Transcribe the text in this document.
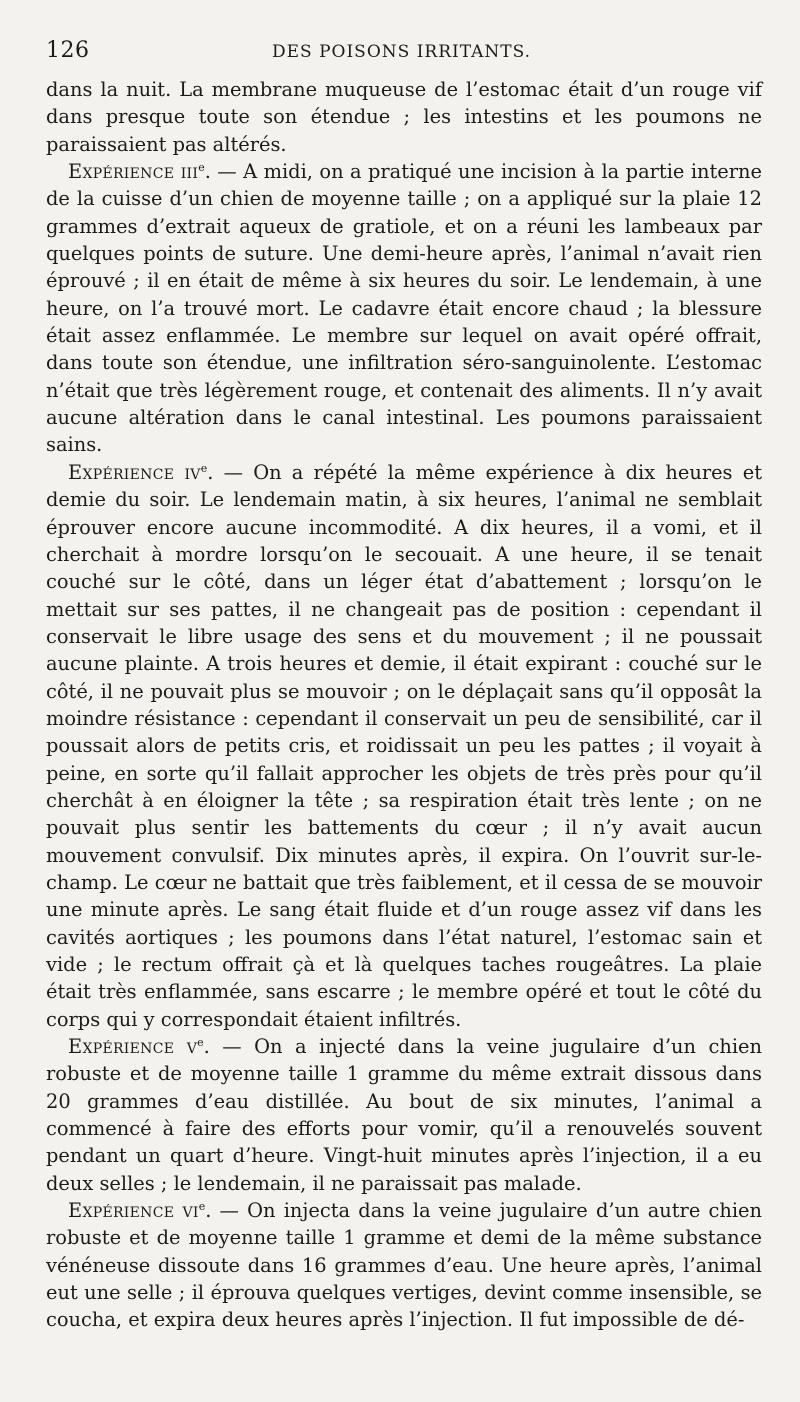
126	DES POISONS IRRITANTS.

dans la nuit. La membrane muqueuse de l’estomac était d’un rouge vif dans presque toute son étendue ; les intestins et les poumons ne paraissaient pas altérés.

Expérience iii$^e$. — A midi, on a pratiqué une incision à la partie interne de la cuisse d’un chien de moyenne taille ; on a appliqué sur la plaie 12 grammes d’extrait aqueux de gratiole, et on a réuni les lambeaux par quelques points de suture. Une demi-heure après, l’animal n’avait rien éprouvé ; il en était de même à six heures du soir. Le lendemain, à une heure, on l’a trouvé mort. Le cadavre était encore chaud ; la blessure était assez enflammée. Le membre sur lequel on avait opéré offrait, dans toute son étendue, une infiltration séro-sanguinolente. L’estomac n’était que très légèrement rouge, et contenait des aliments. Il n’y avait aucune altération dans le canal intestinal. Les poumons paraissaient sains.

Expérience $iv^e$. — On a répété la même expérience à dix heures et demie du soir. Le lendemain matin, à six heures, l’animal ne semblait éprouver encore aucune incommodité. A dix heures, il a vomi, et il cherchait à mordre lorsqu’on le secouait. A une heure, il se tenait couché sur le côté, dans un léger état d’abattement ; lorsqu’on le mettait sur ses pattes, il ne changeait pas de position : cependant il conservait le libre usage des sens et du mouvement ; il ne poussait aucune plainte. A trois heures et demie, il était expirant : couché sur le côté, il ne pouvait plus se mouvoir ; on le déplaçait sans qu’il opposât la moindre résistance : cependant il conservait un peu de sensibilité, car il poussait alors de petits cris, et roidissait un peu les pattes ; il voyait à peine, en sorte qu’il fallait approcher les objets de très près pour qu’il cherchât à en éloigner la tête ; sa respiration était très lente ; on ne pouvait plus sentir les battements du cœur ; il n’y avait aucun mouvement convulsif. Dix minutes après, il expira. On l’ouvrit sur-le-champ. Le cœur ne battait que très faiblement, et il cessa de se mouvoir une minute après. Le sang était fluide et d’un rouge assez vif dans les cavités aortiques ; les poumons dans l’état naturel, l’estomac sain et vide ; le rectum offrait çà et là quelques taches rougeâtres. La plaie était très enflammée, sans escarre ; le membre opéré et tout le côté du corps qui y correspondait étaient infiltrés.

Expérience $v^e$. — On a injecté dans la veine jugulaire d’un chien robuste et de moyenne taille 1 gramme du même extrait dissous dans 20 grammes d’eau distillée. Au bout de six minutes, l’animal a commencé à faire des efforts pour vomir, qu’il a renouvelés souvent pendant un quart d’heure. Vingt-huit minutes après l’injection, il a eu deux selles ; le lendemain, il ne paraissait pas malade.

Expérience $vi^e$. — On injecta dans la veine jugulaire d’un autre chien robuste et de moyenne taille 1 gramme et demi de la même substance vénéneuse dissoute dans 16 grammes d’eau. Une heure après, l’animal eut une selle ; il éprouva quelques vertiges, devint comme insensible, se coucha, et expira deux heures après l’injection. Il fut impossible de dé-
